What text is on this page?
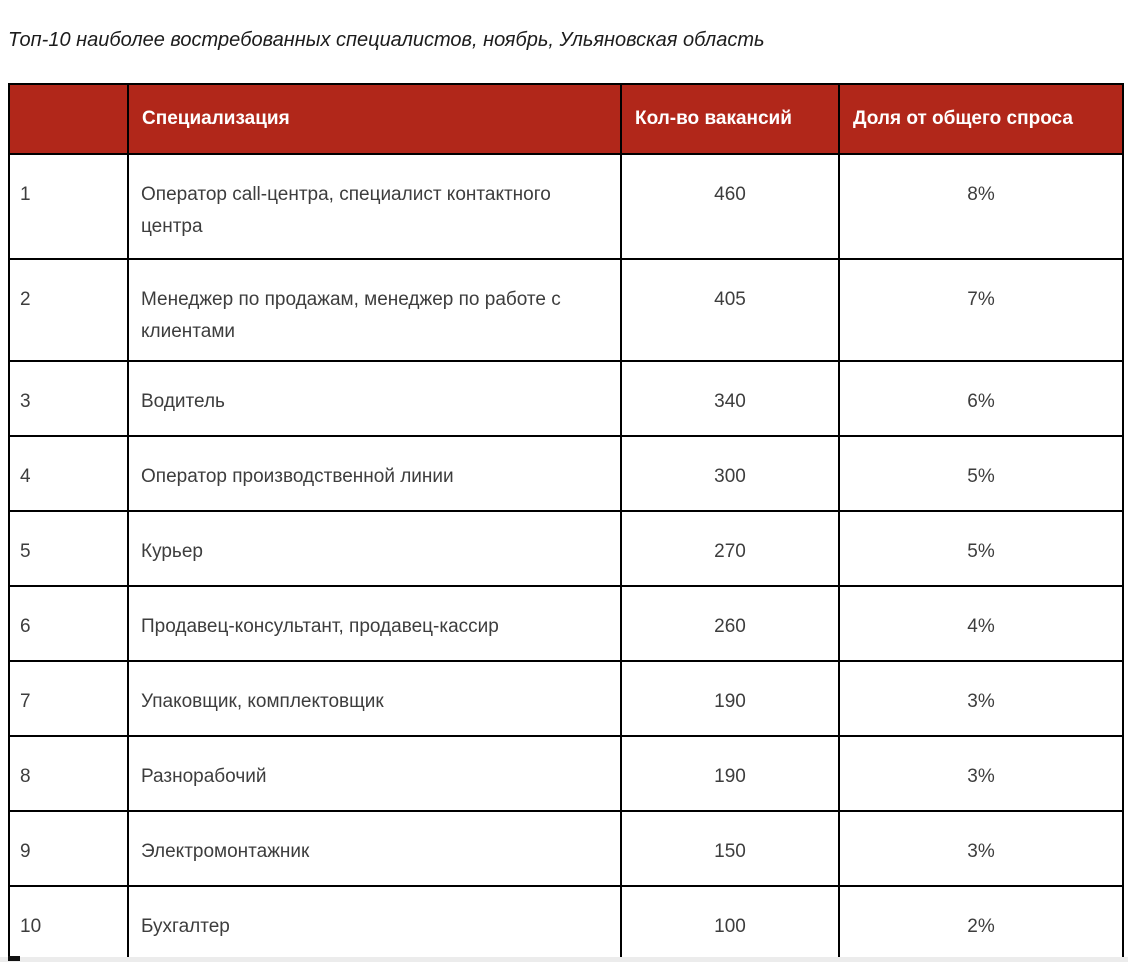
Топ-10 наиболее востребованных специалистов, ноябрь, Ульяновская область
	Специализация	Кол-во вакансий	Доля от общего спроса
1	Оператор call-центра, специалист контактного центра	460	8%
2	Менеджер по продажам, менеджер по работе с клиентами	405	7%
3	Водитель	340	6%
4	Оператор производственной линии	300	5%
5	Курьер	270	5%
6	Продавец-консультант, продавец-кассир	260	4%
7	Упаковщик, комплектовщик	190	3%
8	Разнорабочий	190	3%
9	Электромонтажник	150	3%
10	Бухгалтер	100	2%
